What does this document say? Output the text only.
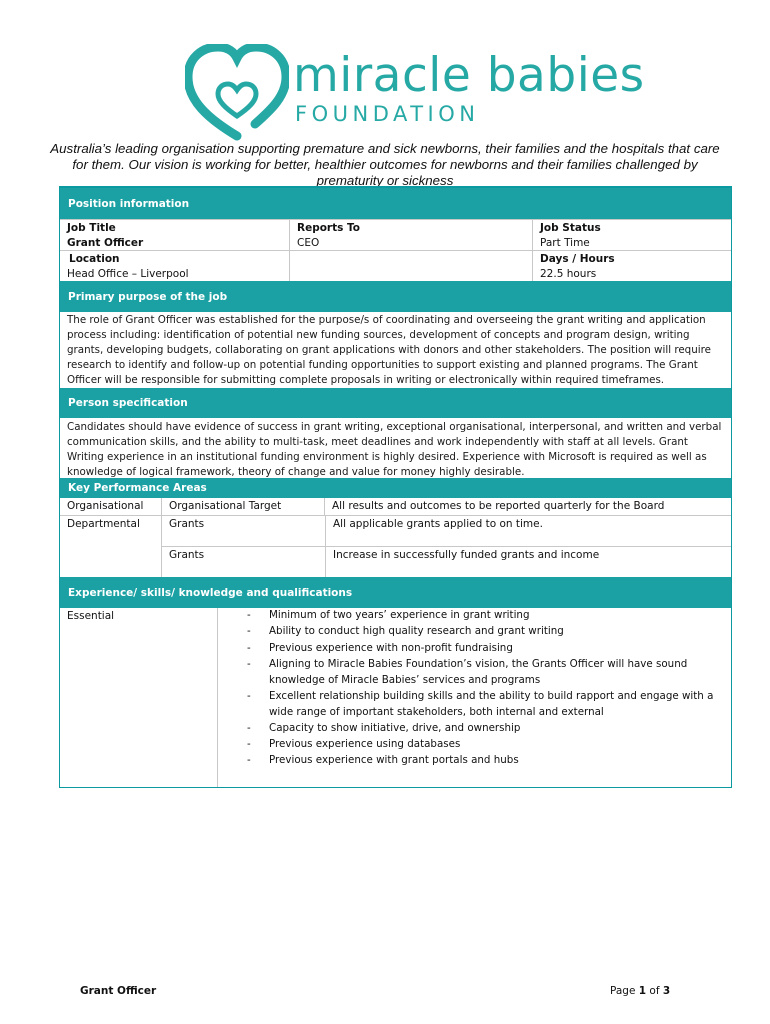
miracle babies
FOUNDATION
Australia’s leading organisation supporting premature and sick newborns, their families and the hospitals that care for them. Our vision is working for better, healthier outcomes for newborns and their families challenged by prematurity or sickness
Position information
Job Title
Grant Officer
Reports To
CEO
Job Status
Part Time
Location
Head Office – Liverpool
Days / Hours
22.5 hours
Primary purpose of the job
The role of Grant Officer was established for the purpose/s of coordinating and overseeing the grant writing and application process including: identification of potential new funding sources, development of concepts and program design, writing grants, developing budgets, collaborating on grant applications with donors and other stakeholders. The position will require research to identify and follow-up on potential funding opportunities to support existing and planned programs. The Grant Officer will be responsible for submitting complete proposals in writing or electronically within required timeframes.
Person specification
Candidates should have evidence of success in grant writing, exceptional organisational, interpersonal, and written and verbal communication skills, and the ability to multi-task, meet deadlines and work independently with staff at all levels. Grant Writing experience in an institutional funding environment is highly desired. Experience with Microsoft is required as well as knowledge of logical framework, theory of change and value for money highly desirable.
Key Performance Areas
Organisational	Organisational Target	All results and outcomes to be reported quarterly for the Board
Departmental	Grants	All applicable grants applied to on time.
Grants	Increase in successfully funded grants and income
Experience/ skills/ knowledge and qualifications
Essential
-	Minimum of two years’ experience in grant writing
- Ability to conduct high quality research and grant writing
- Previous experience with non-profit fundraising
- Aligning to Miracle Babies Foundation’s vision, the Grants Officer will have sound knowledge of Miracle Babies’ services and programs
- Excellent relationship building skills and the ability to build rapport and engage with a wide range of important stakeholders, both internal and external
- Capacity to show initiative, drive, and ownership
- Previous experience using databases
- Previous experience with grant portals and hubs
Grant Officer	Page 1 of 3
